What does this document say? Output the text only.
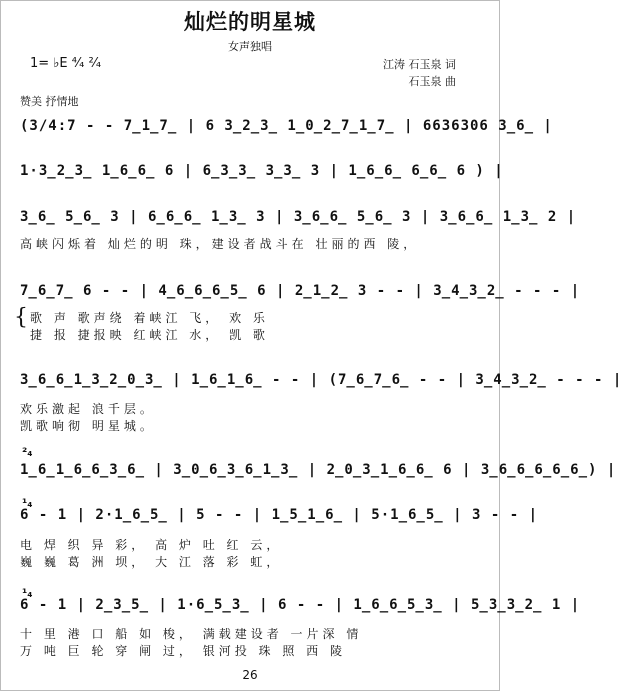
灿烂的明星城
女声独唱
1= ♭E ⁴⁄₄ ²⁄₄	江涛 石玉泉 词
石玉泉 曲
赞美 抒情地
(3/4:7 - - 7̲1̲7̲ | 6 3̲2̲3̲ 1̲0̲2̲7̲1̲7̲ | 6636306 3̲6̲ |
1·3̲2̲3̲ 1̲6̲6̲ 6 | 6̲3̲3̲ 3̲3̲ 3 | 1̲6̲6̲ 6̲6̲ 6 ) |
3̲6̲ 5̲6̲ 3 | 6̲6̲6̲ 1̲3̲ 3 | 3̲6̲6̲ 5̲6̲ 3 | 3̲6̲6̲ 1̲3̲ 2 |
高峡闪烁着 灿烂的明 珠，建设者战斗在 壮丽的西 陵，
7̲6̲7̲ 6 - - | 4̲6̲6̲6̲5̲ 6 | 2̲1̲2̲ 3 - - | 3̲4̲3̲2̲ - - - |
{ 歌 声 歌声绕 着峡江 飞， 欢 乐
捷 报 捷报映 红峡江 水， 凯 歌
3̲6̲6̲1̲3̲2̲0̲3̲ | 1̲6̲1̲6̲ - - | (7̲6̲7̲6̲ - - | 3̲4̲3̲2̲ - - - |
欢乐激起 浪千层。
凯歌响彻 明星城。
²₄
1̲6̲1̲6̲6̲3̲6̲ | 3̲0̲6̲3̲6̲1̲3̲ | 2̲0̲3̲1̲6̲6̲ 6 | 3̲6̲6̲6̲6̲6̲) |
¹₄
6 - 1 | 2·1̲6̲5̲ | 5 - - | 1̲5̲1̲6̲ | 5·1̲6̲5̲ | 3 - - |
电 焊 织 异 彩， 高 炉 吐 红 云，
巍 巍 葛 洲 坝， 大 江 落 彩 虹，
¹₄
6 - 1 | 2̲3̲5̲ | 1·6̲5̲3̲ | 6 - - | 1̲6̲6̲5̲3̲ | 5̲3̲3̲2̲ 1 |
十 里 港 口 船 如 梭， 满载建设者 一片深 情
万 吨 巨 轮 穿 闸 过， 银河投 珠 照 西 陵
26
